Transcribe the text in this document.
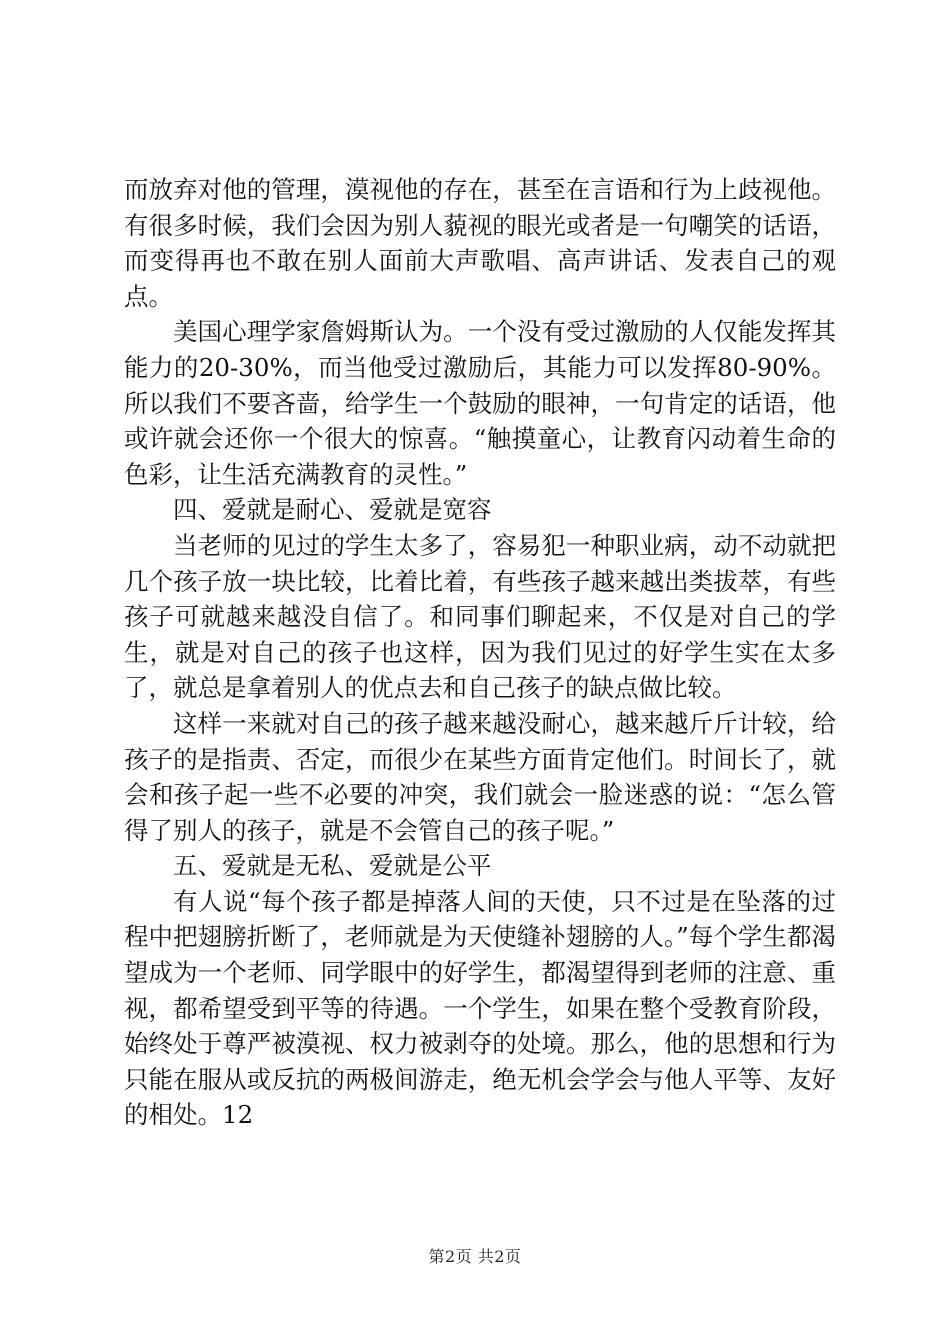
而放弃对他的管理，漠视他的存在，甚至在言语和行为上歧视他。有很多时候，我们会因为别人藐视的眼光或者是一句嘲笑的话语，而变得再也不敢在别人面前大声歌唱、高声讲话、发表自己的观点。

美国心理学家詹姆斯认为。一个没有受过激励的人仅能发挥其能力的20-30%，而当他受过激励后，其能力可以发挥80-90%。所以我们不要吝啬，给学生一个鼓励的眼神，一句肯定的话语，他或许就会还你一个很大的惊喜。“触摸童心，让教育闪动着生命的色彩，让生活充满教育的灵性。”

四、爱就是耐心、爱就是宽容

当老师的见过的学生太多了，容易犯一种职业病，动不动就把几个孩子放一块比较，比着比着，有些孩子越来越出类拔萃，有些孩子可就越来越没自信了。和同事们聊起来，不仅是对自己的学生，就是对自己的孩子也这样，因为我们见过的好学生实在太多了，就总是拿着别人的优点去和自己孩子的缺点做比较。

这样一来就对自己的孩子越来越没耐心，越来越斤斤计较，给孩子的是指责、否定，而很少在某些方面肯定他们。时间长了，就会和孩子起一些不必要的冲突，我们就会一脸迷惑的说：“怎么管得了别人的孩子，就是不会管自己的孩子呢。”

五、爱就是无私、爱就是公平

有人说“每个孩子都是掉落人间的天使，只不过是在坠落的过程中把翅膀折断了，老师就是为天使缝补翅膀的人。”每个学生都渴望成为一个老师、同学眼中的好学生，都渴望得到老师的注意、重视，都希望受到平等的待遇。一个学生，如果在整个受教育阶段，始终处于尊严被漠视、权力被剥夺的处境。那么，他的思想和行为只能在服从或反抗的两极间游走，绝无机会学会与他人平等、友好的相处。12

第2页 共2页
